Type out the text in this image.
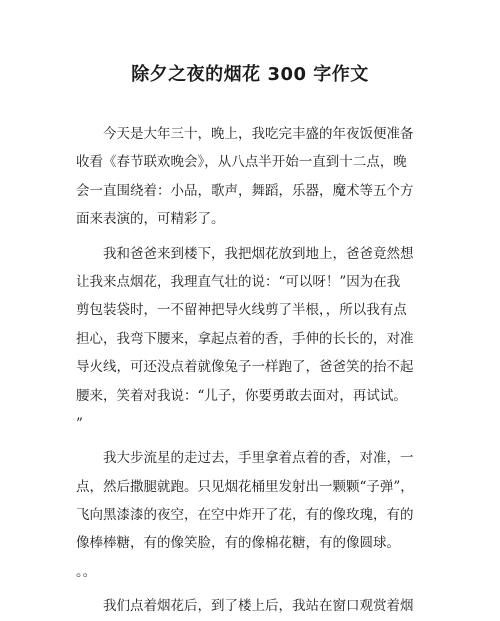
除夕之夜的烟花 300 字作文
　　今天是大年三十，晚上，我吃完丰盛的年夜饭便准备
收看《春节联欢晚会》，从八点半开始一直到十二点，晚
会一直围绕着：小品，歌声，舞蹈，乐器，魔术等五个方
面来表演的，可精彩了。
　　我和爸爸来到楼下，我把烟花放到地上，爸爸竟然想
让我来点烟花，我理直气壮的说：“可以呀！”因为在我
剪包装袋时，一不留神把导火线剪了半根，，所以我有点
担心，我弯下腰来，拿起点着的香，手伸的长长的，对准
导火线，可还没点着就像兔子一样跑了，爸爸笑的抬不起
腰来，笑着对我说：“儿子，你要勇敢去面对，再试试。
”
　　我大步流星的走过去，手里拿着点着的香，对准，一
点，然后撒腿就跑。只见烟花桶里发射出一颗颗“子弹”，
飞向黑漆漆的夜空，在空中炸开了花，有的像玫瑰，有的
像棒棒糖，有的像笑脸，有的像棉花糖，有的像圆球。
。。
　　我们点着烟花后，到了楼上后，我站在窗口观赏着烟
